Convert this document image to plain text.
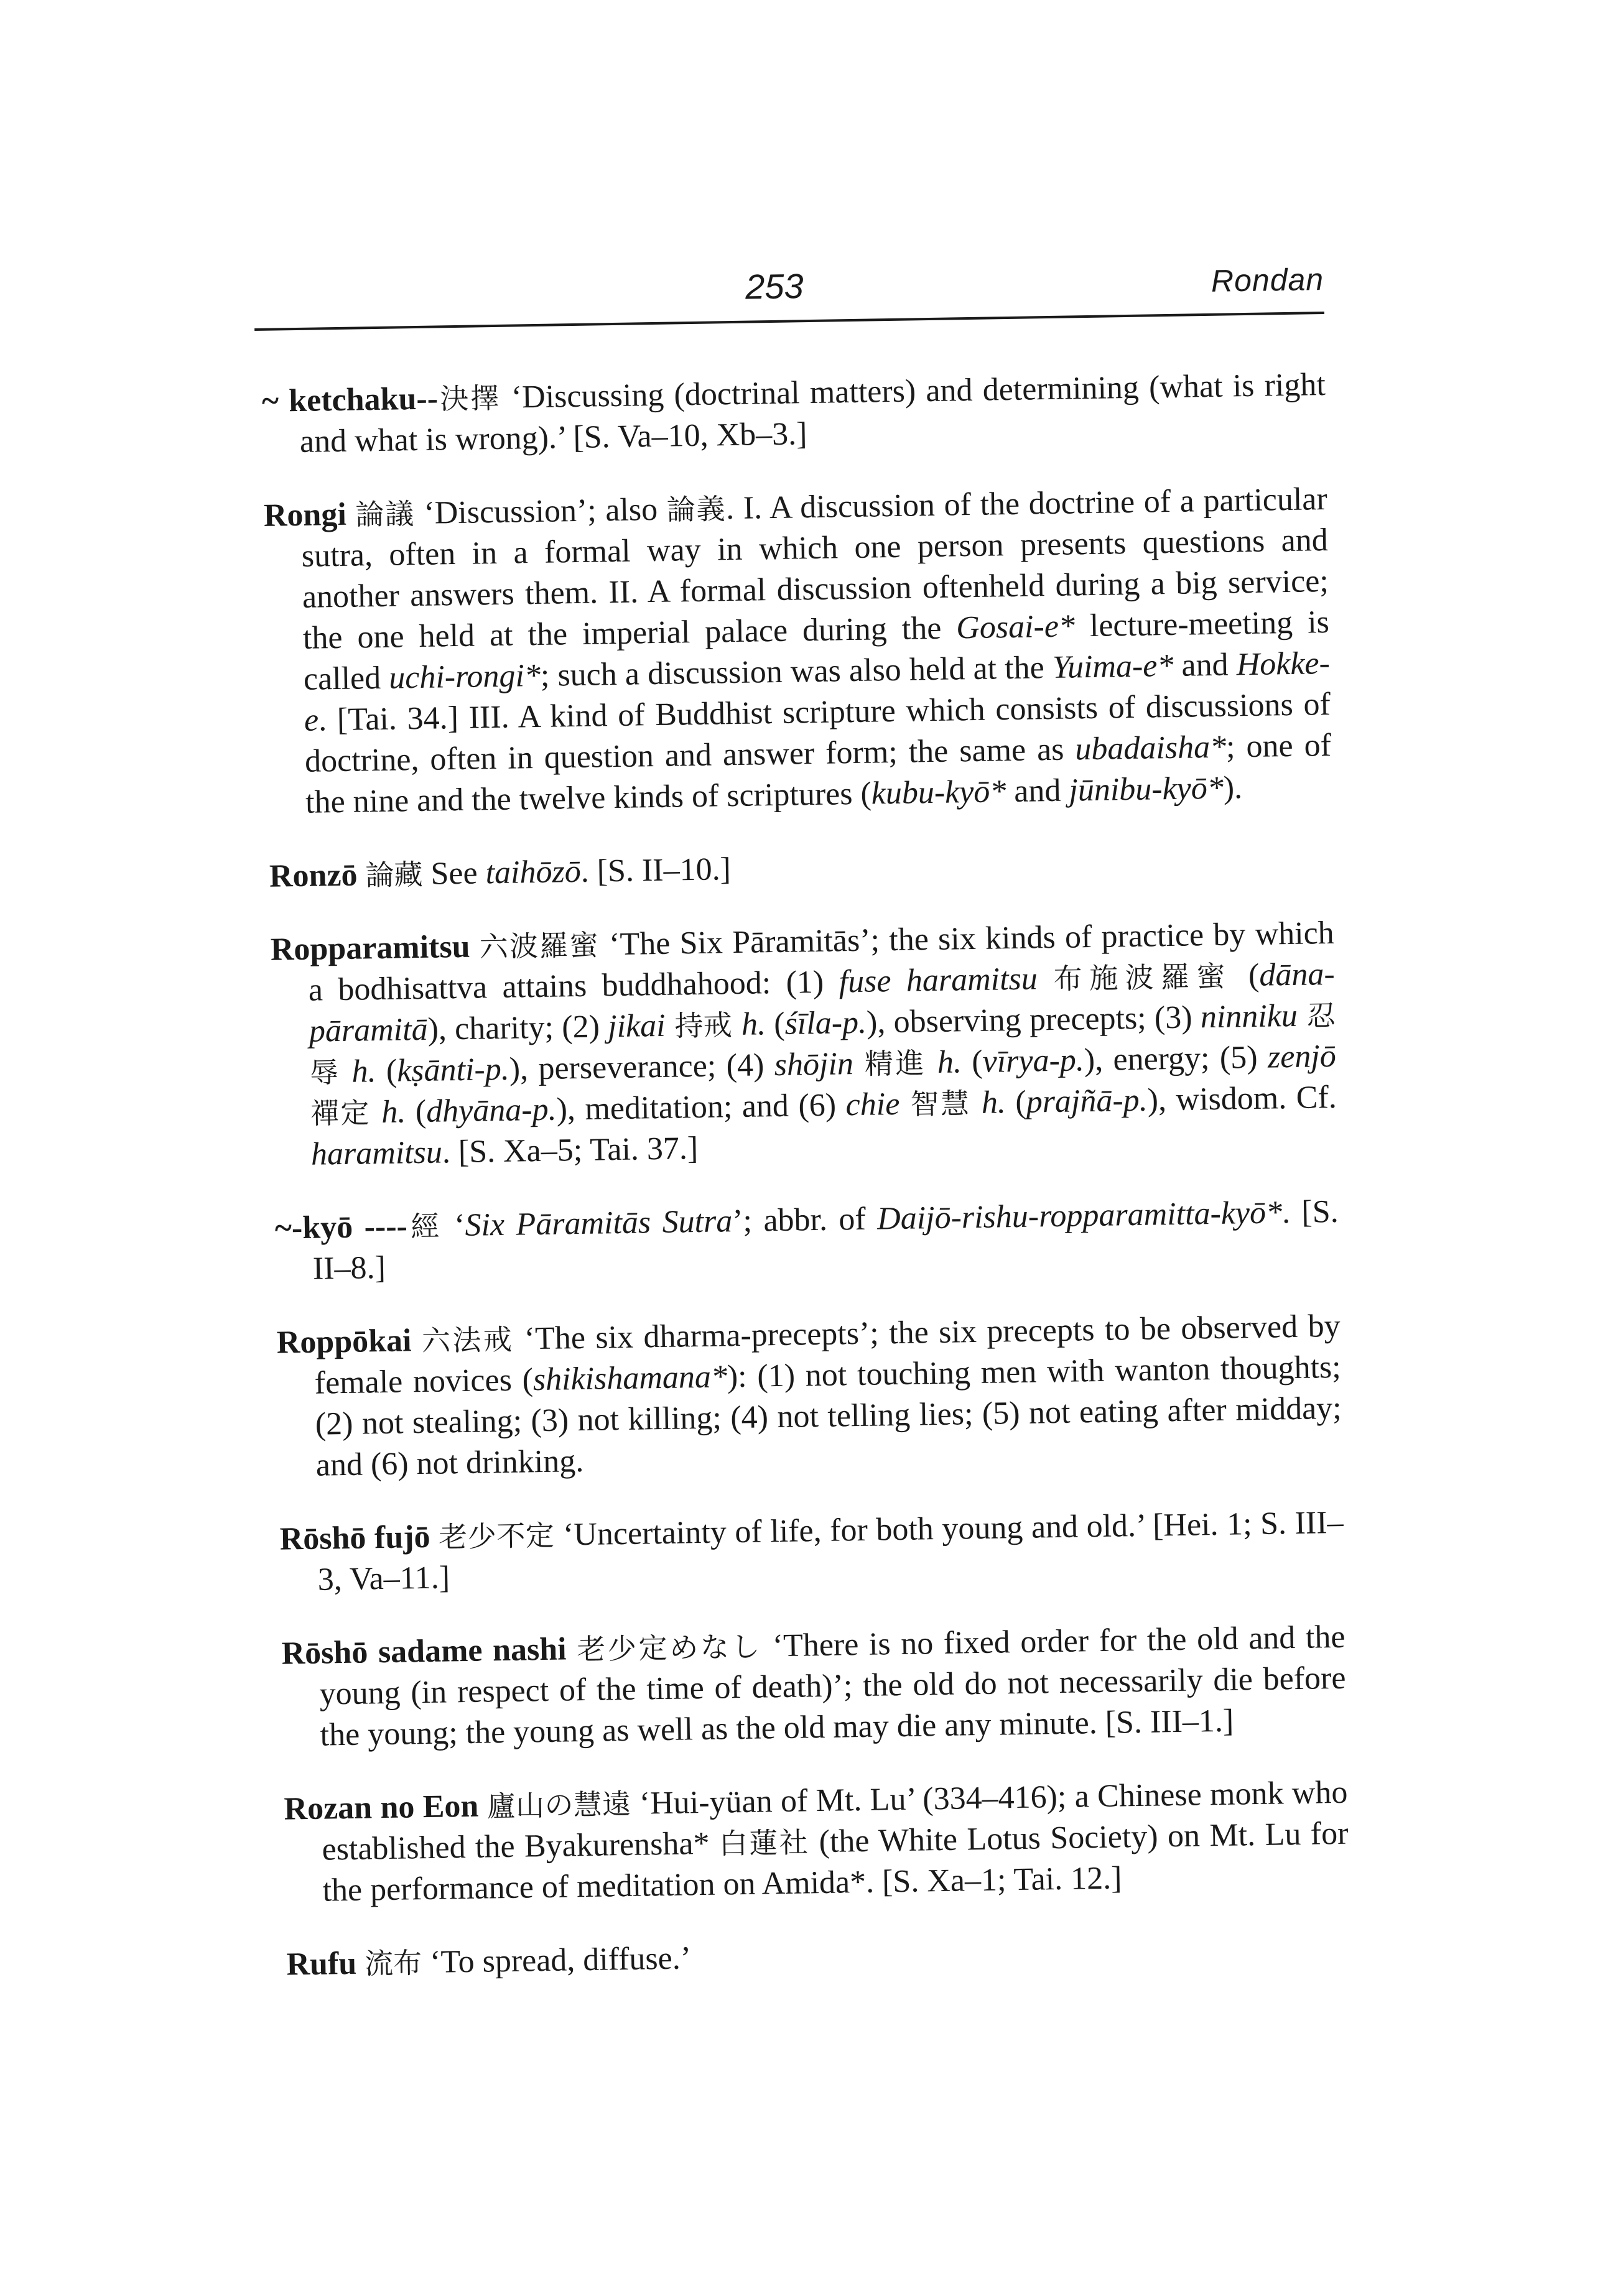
253	Rondan

~ ketchaku--決擇 ‘Discussing (doctrinal matters) and determining (what is right and what is wrong).’ [S. Va–10, Xb–3.]

Rongi 論議 ‘Discussion’; also 論義. I. A discussion of the doctrine of a particular sutra, often in a formal way in which one person presents questions and another answers them. II. A formal discussion oftenheld during a big service; the one held at the imperial palace during the Gosai-e* lecture-meeting is called uchi-rongi*; such a discussion was also held at the Yuima-e* and Hokke-e. [Tai. 34.] III. A kind of Buddhist scripture which consists of discussions of doctrine, often in question and answer form; the same as ubadaisha*; one of the nine and the twelve kinds of scriptures (kubu-kyō* and jūnibu-kyō*).

Ronzō 論藏 See taihōzō. [S. II–10.]

Ropparamitsu 六波羅蜜 ‘The Six Pāramitās’; the six kinds of practice by which a bodhisattva attains buddhahood: (1) fuse haramitsu 布施波羅蜜 (dāna-pāramitā), charity; (2) jikai 持戒 h. (śīla-p.), observing precepts; (3) ninniku 忍辱 h. (kṣānti-p.), perseverance; (4) shōjin 精進 h. (vīrya-p.), energy; (5) zenjō 禪定 h. (dhyāna-p.), meditation; and (6) chie 智慧 h. (prajñā-p.), wisdom. Cf. haramitsu. [S. Xa–5; Tai. 37.]

~-kyō ----經 ‘Six Pāramitās Sutra’; abbr. of Daijō-rishu-ropparamitta-kyō*. [S. II–8.]

Roppōkai 六法戒 ‘The six dharma-precepts’; the six precepts to be observed by female novices (shikishamana*): (1) not touching men with wanton thoughts; (2) not stealing; (3) not killing; (4) not telling lies; (5) not eating after midday; and (6) not drinking.

Rōshō fujō 老少不定 ‘Uncertainty of life, for both young and old.’ [Hei. 1; S. III–3, Va–11.]

Rōshō sadame nashi 老少定めなし ‘There is no fixed order for the old and the young (in respect of the time of death)’; the old do not necessarily die before the young; the young as well as the old may die any minute. [S. III–1.]

Rozan no Eon 廬山の慧遠 ‘Hui-yüan of Mt. Lu’ (334–416); a Chinese monk who established the Byakurensha* 白蓮社 (the White Lotus Society) on Mt. Lu for the performance of meditation on Amida*. [S. Xa–1; Tai. 12.]

Rufu 流布 ‘To spread, diffuse.’
